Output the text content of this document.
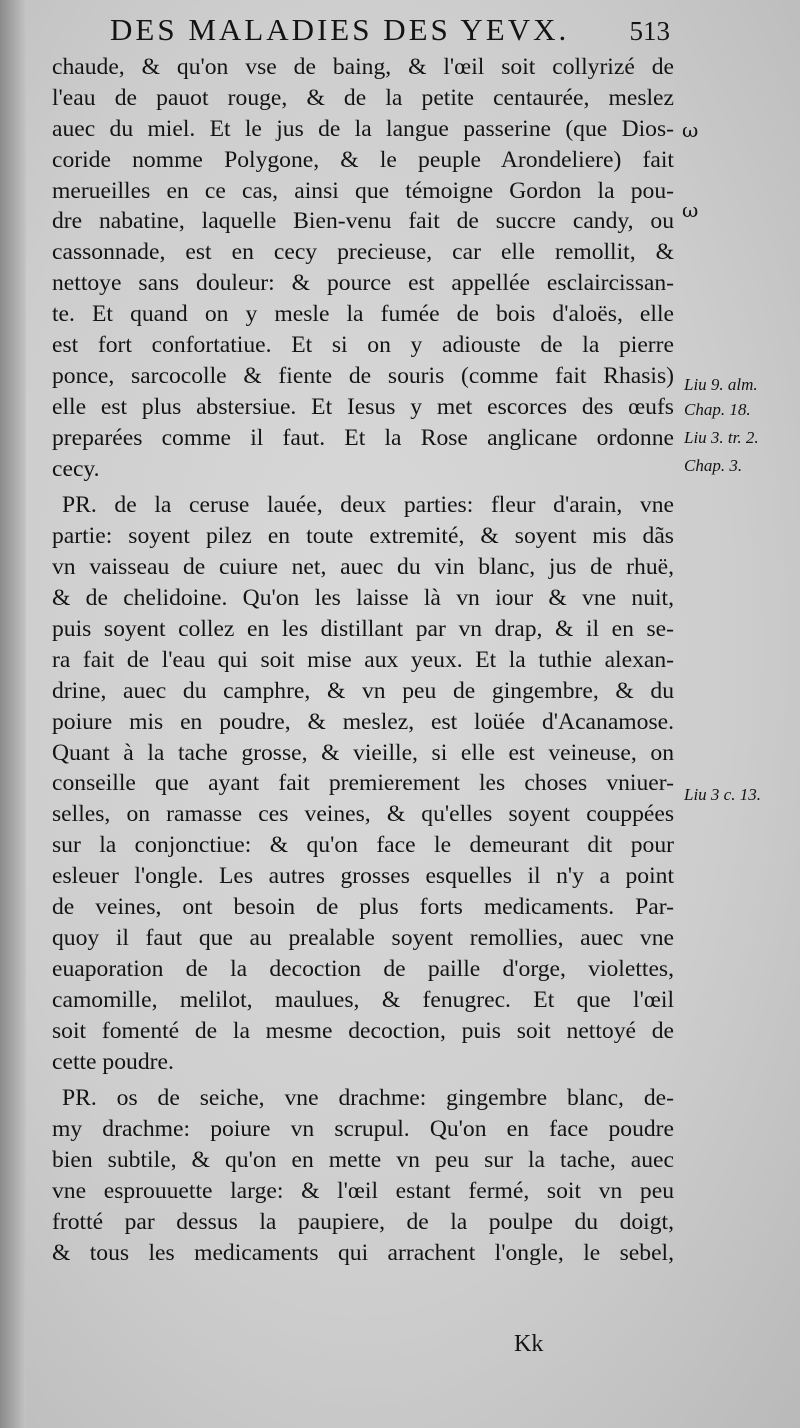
DES MALADIES DES YEVX. 513
chaude, & qu'on vse de baing, & l'œil soit collyrizé de
l'eau de pauot rouge, & de la petite centaurée, meslez
auec du miel. Et le jus de la langue passerine (que Dios-
coride nomme Polygone, & le peuple Arondeliere) fait
merueilles en ce cas, ainsi que témoigne Gordon la pou-
dre nabatine, laquelle Bien-venu fait de succre candy, ou
cassonnade, est en cecy precieuse, car elle remollit, &
nettoye sans douleur: & pource est appellée esclaircissan-
te. Et quand on y mesle la fumée de bois d'aloës, elle
est fort confortatiue. Et si on y adiouste de la pierre
ponce, sarcocolle & fiente de souris (comme fait Rhasis)
elle est plus abstersiue. Et Iesus y met escorces des œufs
preparées comme il faut. Et la Rose anglicane ordonne
cecy.
PR. de la ceruse lauée, deux parties: fleur d'arain, vne
partie: soyent pilez en toute extremité, & soyent mis dãs
vn vaisseau de cuiure net, auec du vin blanc, jus de rhuë,
& de chelidoine. Qu'on les laisse là vn iour & vne nuit,
puis soyent collez en les distillant par vn drap, & il en se-
ra fait de l'eau qui soit mise aux yeux. Et la tuthie alexan-
drine, auec du camphre, & vn peu de gingembre, & du
poiure mis en poudre, & meslez, est loüée d'Acanamose.
Quant à la tache grosse, & vieille, si elle est veineuse, on
conseille que ayant fait premierement les choses vniuer-
selles, on ramasse ces veines, & qu'elles soyent couppées
sur la conjonctiue: & qu'on face le demeurant dit pour
esleuer l'ongle. Les autres grosses esquelles il n'y a point
de veines, ont besoin de plus forts medicaments. Par-
quoy il faut que au prealable soyent remollies, auec vne
euaporation de la decoction de paille d'orge, violettes,
camomille, melilot, maulues, & fenugrec. Et que l'œil
soit fomenté de la mesme decoction, puis soit nettoyé de
cette poudre.
PR. os de seiche, vne drachme: gingembre blanc, de-
my drachme: poiure vn scrupul. Qu'on en face poudre
bien subtile, & qu'on en mette vn peu sur la tache, auec
vne esprouuette large: & l'œil estant fermé, soit vn peu
frotté par dessus la paupiere, de la poulpe du doigt,
& tous les medicaments qui arrachent l'ongle, le sebel,
ω
ω
Liu 9. alm.
Chap. 18.
Liu 3. tr. 2.
Chap. 3.
Liu 3 c. 13.
Kk
